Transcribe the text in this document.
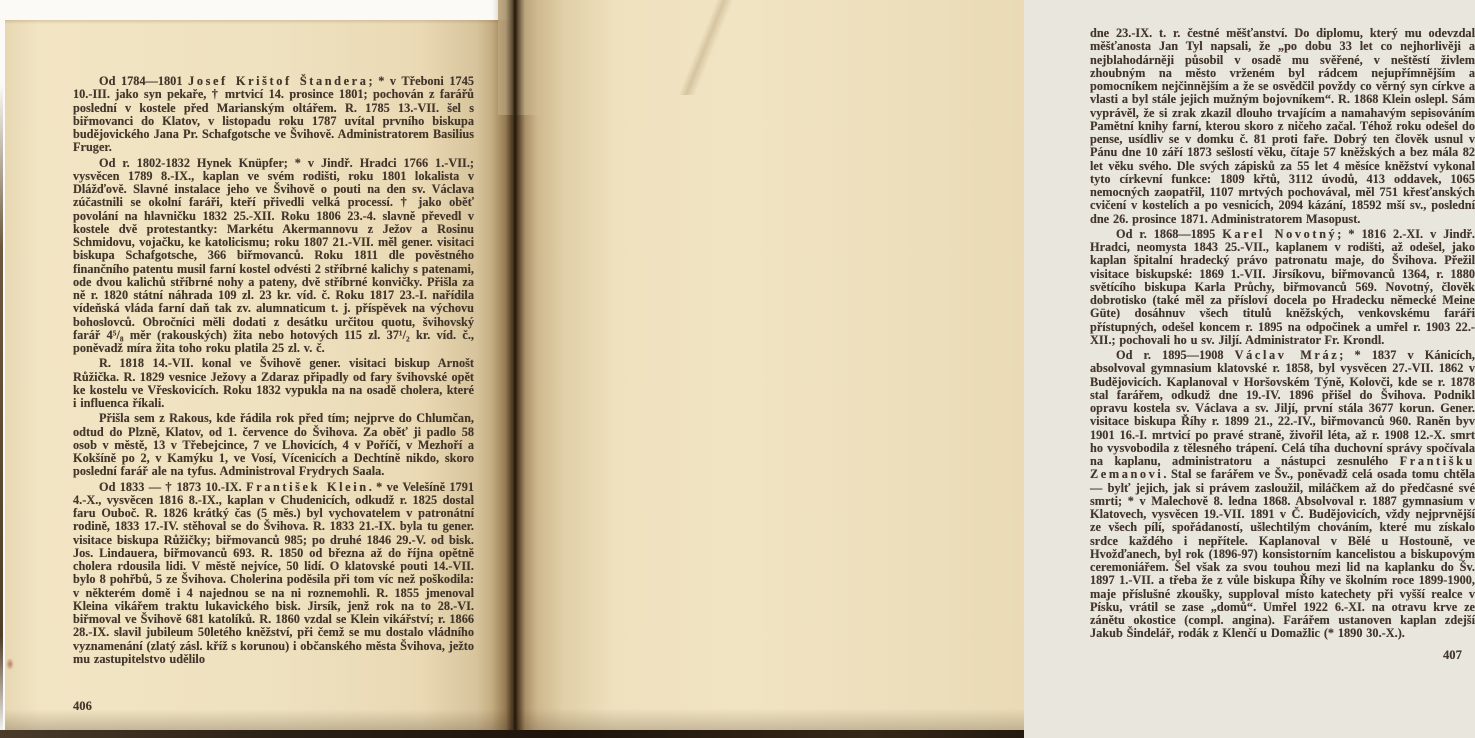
Od 1784—1801 Josef Krištof Štandera; * v Třeboni 1745 10.-III. jako syn pekaře, † mrtvicí 14. prosince 1801; pochován z farářů poslední v kostele před Marianským oltářem. R. 1785 13.-VII. šel s biřmovanci do Klatov, v listopadu roku 1787 uvítal prvního biskupa budějovického Jana Pr. Schafgotsche ve Švihově. Administratorem Basilius Fruger.

Od r. 1802-1832 Hynek Knüpfer; * v Jindř. Hradci 1766 1.-VII.; vysvěcen 1789 8.-IX., kaplan ve svém rodišti, roku 1801 lokalista v Dlážďově. Slavné instalace jeho ve Švihově o pouti na den sv. Václava zúčastnili se okolní faráři, kteří přivedli velká processí. † jako oběť povolání na hlavničku 1832 25.-XII. Roku 1806 23.-4. slavně převedl v kostele dvě protestantky: Markétu Akermannovu z Ježov a Rosinu Schmidovu, vojačku, ke katolicismu; roku 1807 21.-VII. měl gener. visitaci biskupa Schafgotsche, 366 biřmovanců. Roku 1811 dle pověstného finančního patentu musil farní kostel odvésti 2 stříbrné kalichy s patenami, ode dvou kalichů stříbrné nohy a pateny, dvě stříbrné konvičky. Přišla za ně r. 1820 státní náhrada 109 zl. 23 kr. víd. č. Roku 1817 23.-I. nařídila vídeňská vláda farní daň tak zv. alumnaticum t. j. příspěvek na výchovu bohoslovců. Obročníci měli dodati z desátku určitou quotu, švihovský farář 4⁵/₈ měr (rakouských) žita nebo hotových 115 zl. 37¹/₂ kr. víd. č., poněvadž míra žita toho roku platila 25 zl. v. č.

R. 1818 14.-VII. konal ve Švihově gener. visitaci biskup Arnošt Růžička. R. 1829 vesnice Ježovy a Zdaraz připadly od fary švihovské opět ke kostelu ve Vřeskovicích. Roku 1832 vypukla na na osadě cholera, které i influenca říkali.

Přišla sem z Rakous, kde řádila rok před tím; nejprve do Chlumčan, odtud do Plzně, Klatov, od 1. července do Švihova. Za oběť ji padlo 58 osob v městě, 13 v Třebejcince, 7 ve Lhovicích, 4 v Poříčí, v Mezhoří a Kokšíně po 2, v Kamýku 1, ve Vosí, Vícenicích a Dechtíně nikdo, skoro poslední farář ale na tyfus. Administroval Frydrych Saala.

Od 1833 — † 1873 10.-IX. František Klein. * ve Velešíně 1791 4.-X., vysvěcen 1816 8.-IX., kaplan v Chudenicích, odkudž r. 1825 dostal faru Ouboč. R. 1826 krátký čas (5 měs.) byl vychovatelem v patronátní rodině, 1833 17.-IV. stěhoval se do Švihova. R. 1833 21.-IX. byla tu gener. visitace biskupa Růžičky; biřmovanců 985; po druhé 1846 29.-V. od bisk. Jos. Lindauera, biřmovanců 693. R. 1850 od března až do října opětně cholera rdousila lidi. V městě nejvíce, 50 lidí. O klatovské pouti 14.-VII. bylo 8 pohřbů, 5 ze Švihova. Cholerina poděsila při tom víc než poškodila: v některém domě i 4 najednou se na ni roznemohli. R. 1855 jmenoval Kleina vikářem traktu lukavického bisk. Jirsík, jenž rok na to 28.-VI. biřmoval ve Švihově 681 katolíků. R. 1860 vzdal se Klein vikářství; r. 1866 28.-IX. slavil jubileum 50letého kněžství, při čemž se mu dostalo vládního vyznamenání (zlatý zásl. kříž s korunou) i občanského města Švihova, ježto mu zastupitelstvo udělilo

406

dne 23.-IX. t. r. čestné měšťanství. Do diplomu, který mu odevzdal měšťanosta Jan Tyl napsali, že „po dobu 33 let co nejhorlivěji a nejblahodárněji působil v osadě mu svěřené, v neštěstí živlem zhoubným na město vrženém byl rádcem nejupřímnějším a pomocníkem nejčinnějším a že se osvědčil povždy co věrný syn církve a vlasti a byl stále jejich mužným bojovníkem“. R. 1868 Klein oslepl. Sám vyprávěl, že si zrak zkazil dlouho trvajícím a namahavým sepisováním Pamětní knihy farní, kterou skoro z ničeho začal. Téhož roku odešel do pense, usídliv se v domku č. 81 proti faře. Dobrý ten člověk usnul v Pánu dne 10 září 1873 sešlostí věku, čítaje 57 kněžských a bez mála 82 let věku svého. Dle svých zápisků za 55 let 4 měsíce kněžství vykonal tyto církevní funkce: 1809 křtů, 3112 úvodů, 413 oddavek, 1065 nemocných zaopatřil, 1107 mrtvých pochovával, měl 751 křesťanských cvičení v kostelích a po vesnicích, 2094 kázání, 18592 mší sv., poslední dne 26. prosince 1871. Administratorem Masopust.

Od r. 1868—1895 Karel Novotný; * 1816 2.-XI. v Jindř. Hradci, neomysta 1843 25.-VII., kaplanem v rodišti, až odešel, jako kaplan špitalní hradecký právo patronatu maje, do Švihova. Přežil visitace biskupské: 1869 1.-VII. Jirsíkovu, biřmovanců 1364, r. 1880 světícího biskupa Karla Průchy, biřmovanců 569. Novotný, člověk dobrotisko (také měl za přísloví docela po Hradecku německé Meine Güte) dosáhnuv všech titulů kněžských, venkovskému faráři přístupných, odešel koncem r. 1895 na odpočinek a umřel r. 1903 22.-XII.; pochovali ho u sv. Jiljí. Administrator Fr. Krondl.

Od r. 1895—1908 Václav Mráz; * 1837 v Kánicích, absolvoval gymnasium klatovské r. 1858, byl vysvěcen 27.-VII. 1862 v Budějovicích. Kaplanoval v Horšovském Týně, Kolovči, kde se r. 1878 stal farářem, odkudž dne 19.-IV. 1896 přišel do Švihova. Podnikl opravu kostela sv. Václava a sv. Jiljí, první stála 3677 korun. Gener. visitace biskupa Říhy r. 1899 21., 22.-IV., biřmovanců 960. Raněn byv 1901 16.-I. mrtvicí po pravé straně, živořil léta, až r. 1908 12.-X. smrt ho vysvobodila z tělesného trápení. Celá tíha duchovní správy spočívala na kaplanu, administratoru a nástupci zesnulého Františku Zemanovi. Stal se farářem ve Šv., poněvadž celá osada tomu chtěla — bylť jejich, jak si právem zasloužil, miláčkem až do předčasné své smrti; * v Malechově 8. ledna 1868. Absolvoval r. 1887 gymnasium v Klatovech, vysvěcen 19.-VII. 1891 v Č. Budějovicích, vždy nejprvnější ze všech pílí, spořádaností, ušlechtilým chováním, které mu získalo srdce každého i nepřítele. Kaplanoval v Bělé u Hostouně, ve Hvožďanech, byl rok (1896-97) konsistorním kancelistou a biskupovým ceremoniářem. Šel však za svou touhou mezi lid na kaplanku do Šv. 1897 1.-VII. a třeba že z vůle biskupa Říhy ve školním roce 1899-1900, maje příslušné zkoušky, supploval místo katechety při vyšší realce v Písku, vrátil se zase „domů“. Umřel 1922 6.-XI. na otravu krve ze zánětu okostice (compl. angina). Farářem ustanoven kaplan zdejší Jakub Šindelář, rodák z Klenčí u Domažlic (* 1890 30.-X.).

407
